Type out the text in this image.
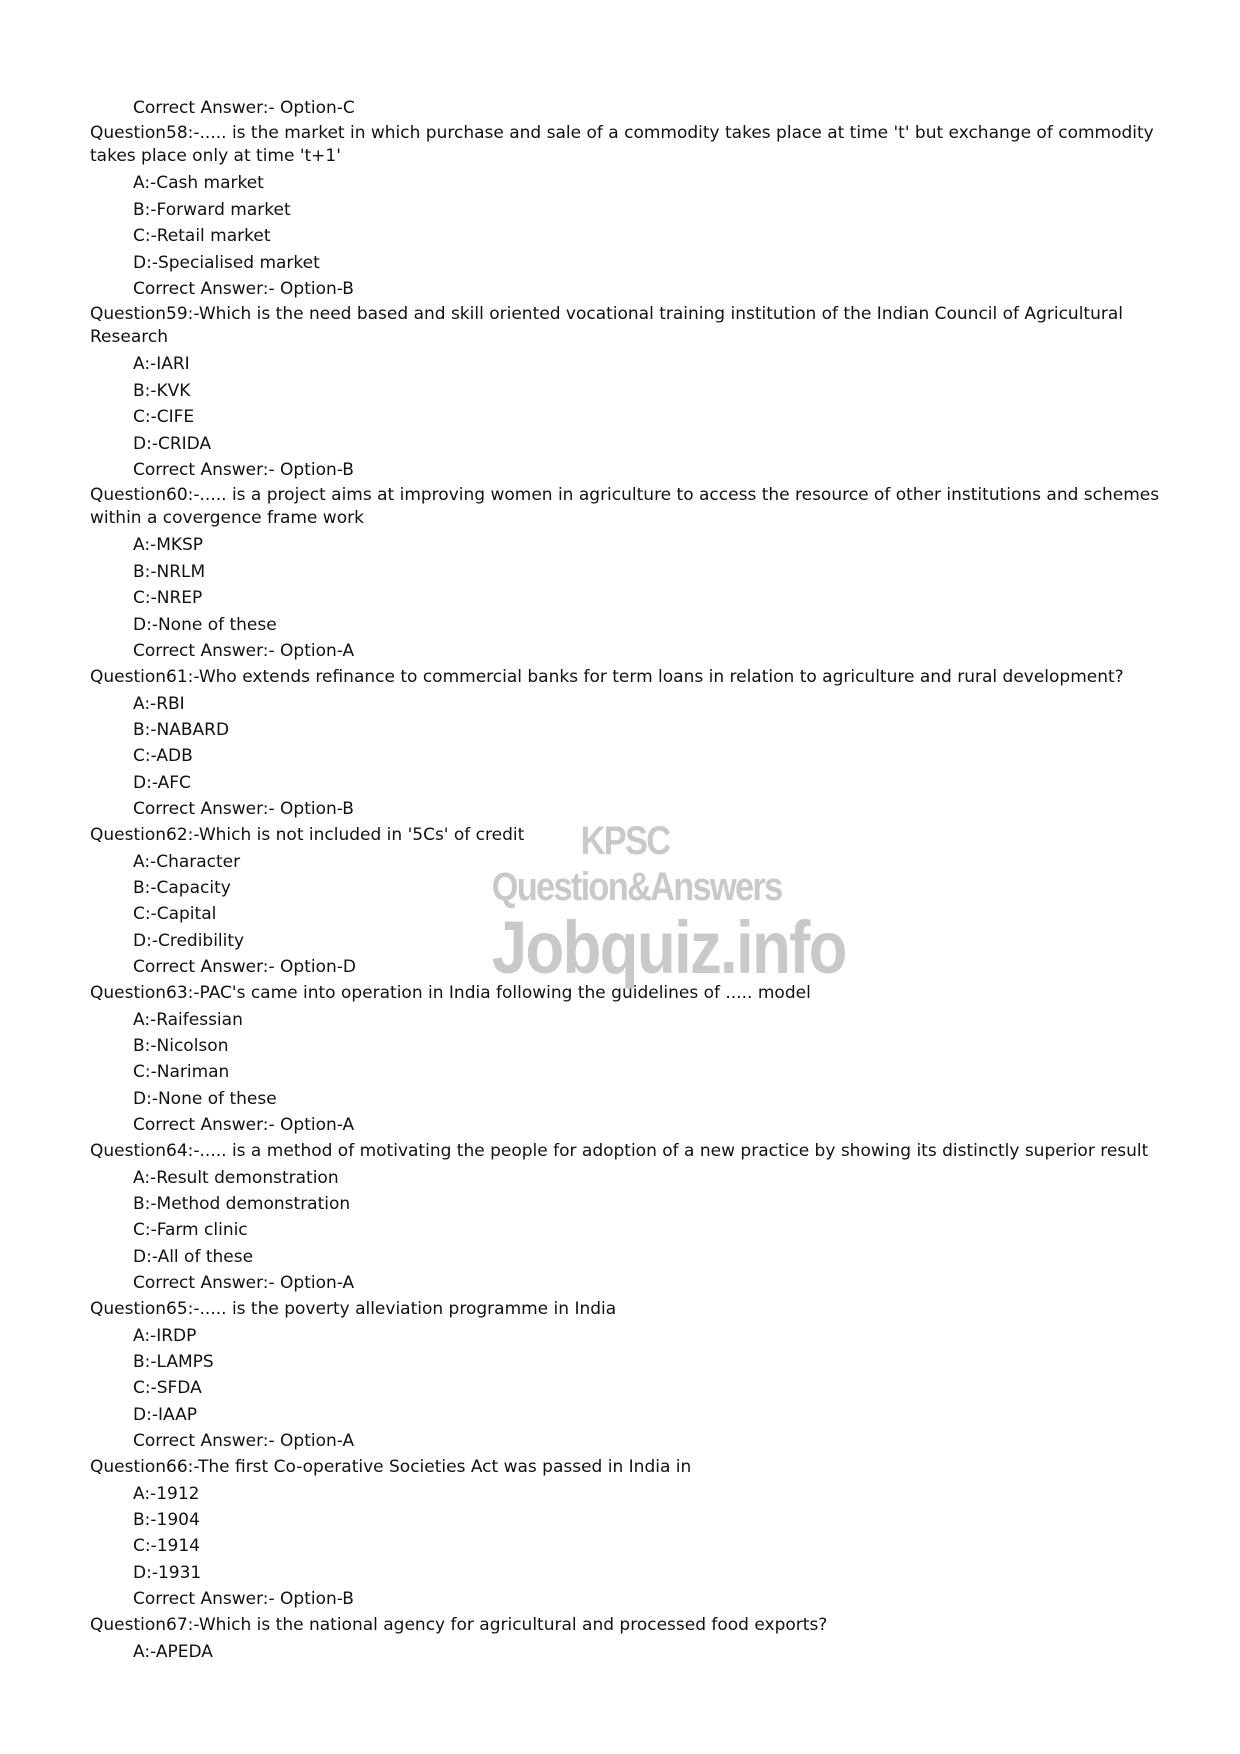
Correct Answer:- Option-C
Question58:-..... is the market in which purchase and sale of a commodity takes place at time 't' but exchange of commodity takes place only at time 't+1'
A:-Cash market
B:-Forward market
C:-Retail market
D:-Specialised market
Correct Answer:- Option-B
Question59:-Which is the need based and skill oriented vocational training institution of the Indian Council of Agricultural Research
A:-IARI
B:-KVK
C:-CIFE
D:-CRIDA
Correct Answer:- Option-B
Question60:-..... is a project aims at improving women in agriculture to access the resource of other institutions and schemes within a covergence frame work
A:-MKSP
B:-NRLM
C:-NREP
D:-None of these
Correct Answer:- Option-A
Question61:-Who extends refinance to commercial banks for term loans in relation to agriculture and rural development?
A:-RBI
B:-NABARD
C:-ADB
D:-AFC
Correct Answer:- Option-B
Question62:-Which is not included in '5Cs' of credit
A:-Character
B:-Capacity
C:-Capital
D:-Credibility
Correct Answer:- Option-D
Question63:-PAC's came into operation in India following the guidelines of ..... model
A:-Raifessian
B:-Nicolson
C:-Nariman
D:-None of these
Correct Answer:- Option-A
Question64:-..... is a method of motivating the people for adoption of a new practice by showing its distinctly superior result
A:-Result demonstration
B:-Method demonstration
C:-Farm clinic
D:-All of these
Correct Answer:- Option-A
Question65:-..... is the poverty alleviation programme in India
A:-IRDP
B:-LAMPS
C:-SFDA
D:-IAAP
Correct Answer:- Option-A
Question66:-The first Co-operative Societies Act was passed in India in
A:-1912
B:-1904
C:-1914
D:-1931
Correct Answer:- Option-B
Question67:-Which is the national agency for agricultural and processed food exports?
A:-APEDA
KPSC Question&Answers
Jobquiz.info
